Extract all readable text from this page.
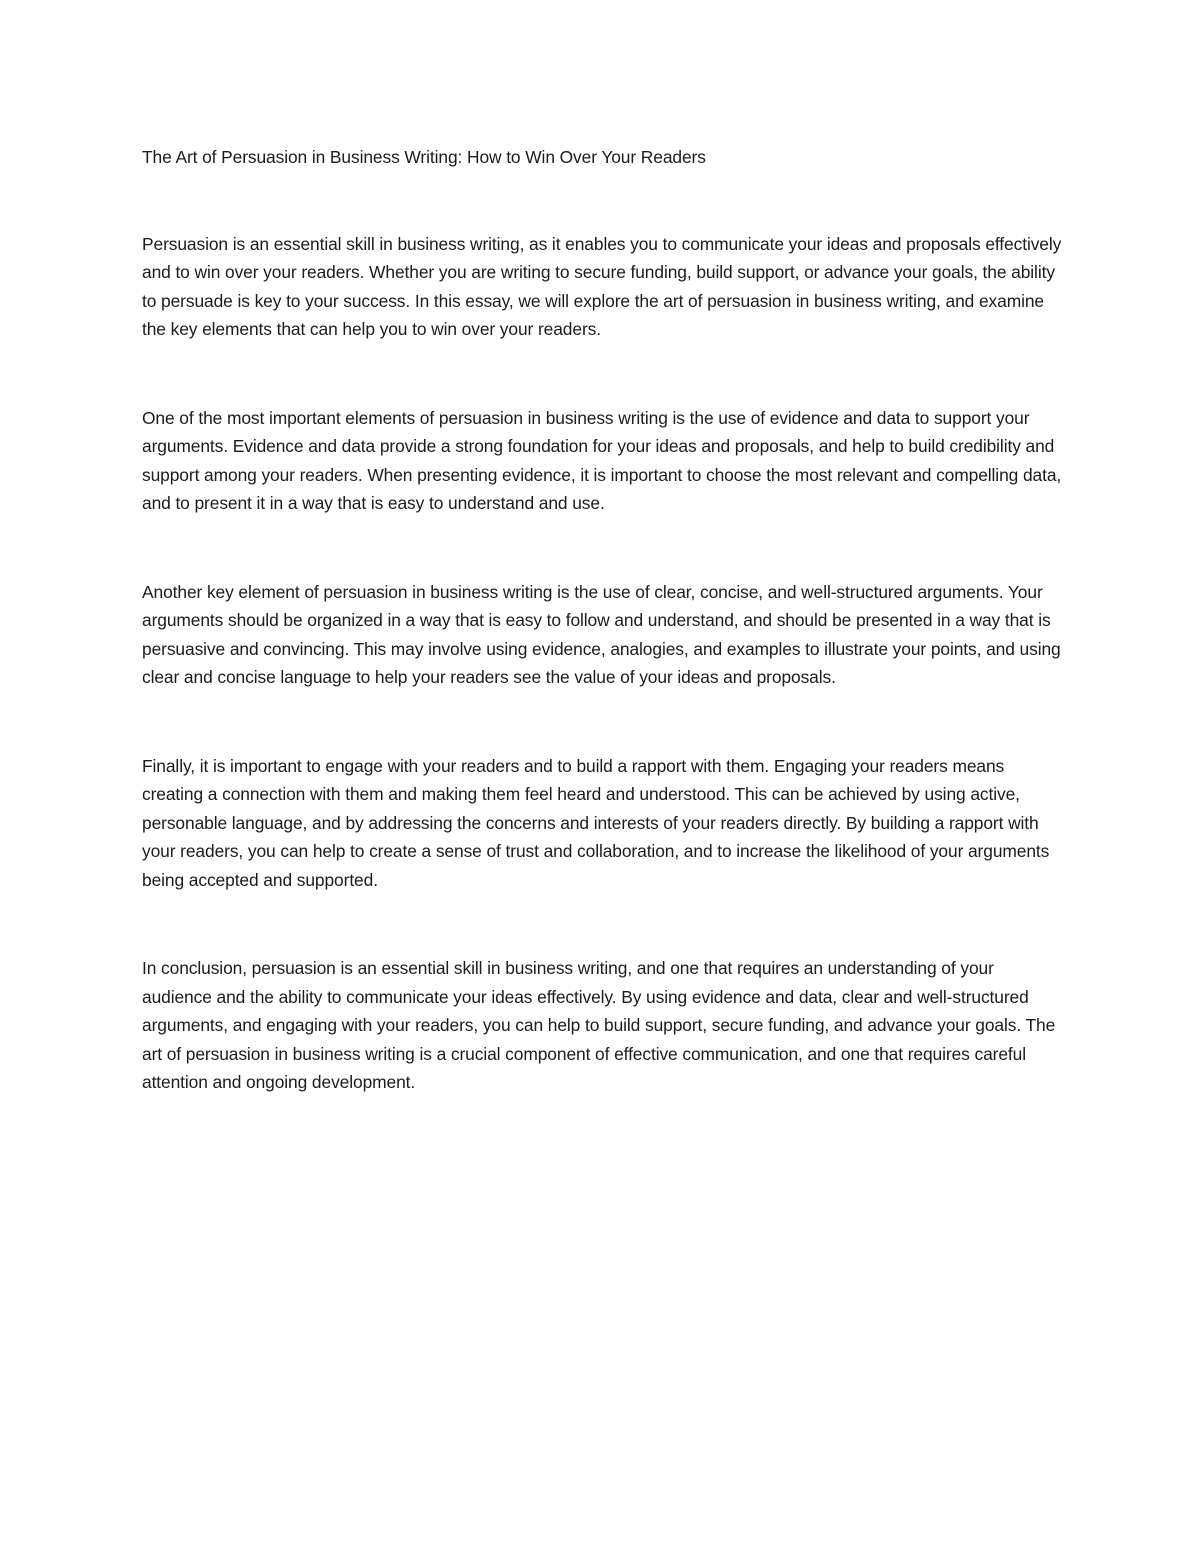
The Art of Persuasion in Business Writing: How to Win Over Your Readers

Persuasion is an essential skill in business writing, as it enables you to communicate your ideas and proposals effectively and to win over your readers. Whether you are writing to secure funding, build support, or advance your goals, the ability to persuade is key to your success. In this essay, we will explore the art of persuasion in business writing, and examine the key elements that can help you to win over your readers.

One of the most important elements of persuasion in business writing is the use of evidence and data to support your arguments. Evidence and data provide a strong foundation for your ideas and proposals, and help to build credibility and support among your readers. When presenting evidence, it is important to choose the most relevant and compelling data, and to present it in a way that is easy to understand and use.

Another key element of persuasion in business writing is the use of clear, concise, and well-structured arguments. Your arguments should be organized in a way that is easy to follow and understand, and should be presented in a way that is persuasive and convincing. This may involve using evidence, analogies, and examples to illustrate your points, and using clear and concise language to help your readers see the value of your ideas and proposals.

Finally, it is important to engage with your readers and to build a rapport with them. Engaging your readers means creating a connection with them and making them feel heard and understood. This can be achieved by using active, personable language, and by addressing the concerns and interests of your readers directly. By building a rapport with your readers, you can help to create a sense of trust and collaboration, and to increase the likelihood of your arguments being accepted and supported.

In conclusion, persuasion is an essential skill in business writing, and one that requires an understanding of your audience and the ability to communicate your ideas effectively. By using evidence and data, clear and well-structured arguments, and engaging with your readers, you can help to build support, secure funding, and advance your goals. The art of persuasion in business writing is a crucial component of effective communication, and one that requires careful attention and ongoing development.
